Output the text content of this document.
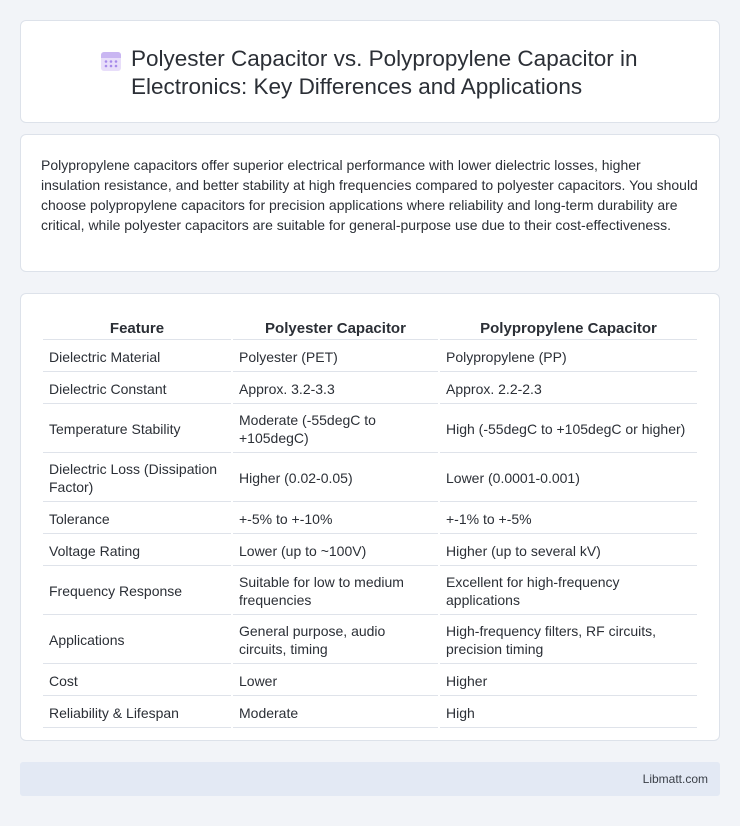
Polyester Capacitor vs. Polypropylene Capacitor in Electronics: Key Differences and Applications

Polypropylene capacitors offer superior electrical performance with lower dielectric losses, higher insulation resistance, and better stability at high frequencies compared to polyester capacitors. You should choose polypropylene capacitors for precision applications where reliability and long-term durability are critical, while polyester capacitors are suitable for general-purpose use due to their cost-effectiveness.

Feature	Polyester Capacitor	Polypropylene Capacitor
Dielectric Material	Polyester (PET)	Polypropylene (PP)
Dielectric Constant	Approx. 3.2-3.3	Approx. 2.2-2.3
Temperature Stability	Moderate (-55degC to +105degC)	High (-55degC to +105degC or higher)
Dielectric Loss (Dissipation Factor)	Higher (0.02-0.05)	Lower (0.0001-0.001)
Tolerance	+-5% to +-10%	+-1% to +-5%
Voltage Rating	Lower (up to ~100V)	Higher (up to several kV)
Frequency Response	Suitable for low to medium frequencies	Excellent for high-frequency applications
Applications	General purpose, audio circuits, timing	High-frequency filters, RF circuits, precision timing
Cost	Lower	Higher
Reliability & Lifespan	Moderate	High
Libmatt.com
